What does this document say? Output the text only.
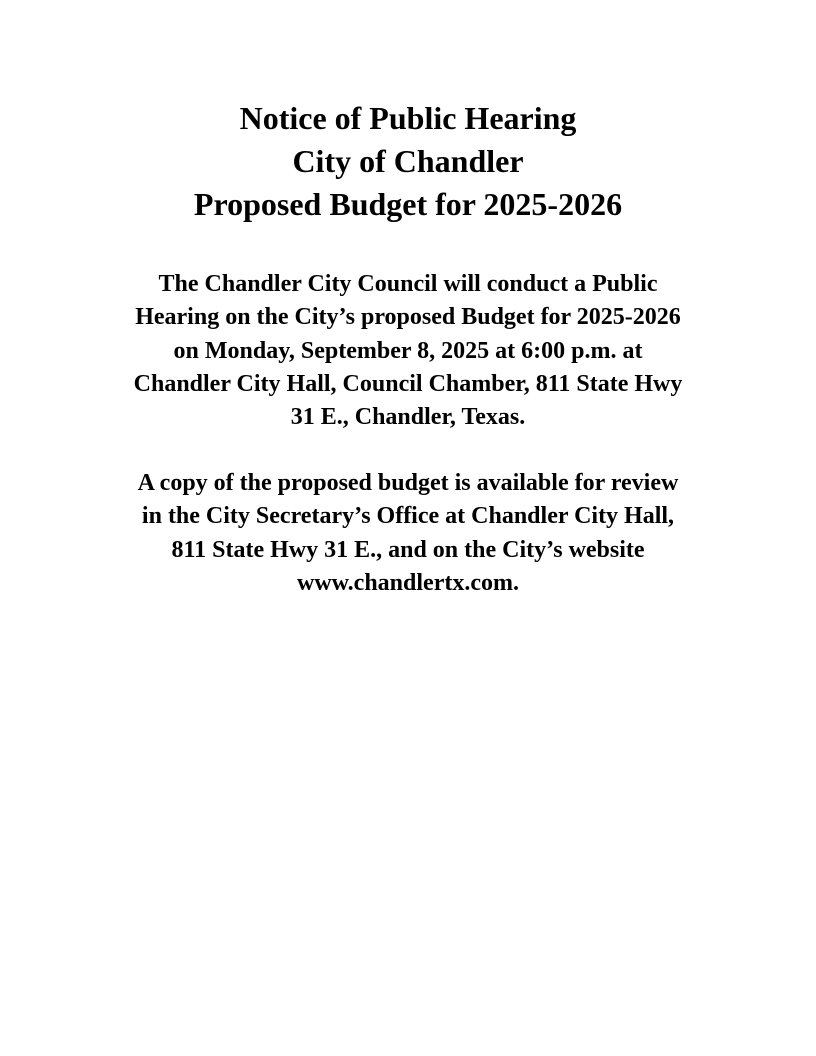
Notice of Public Hearing
City of Chandler
Proposed Budget for 2025-2026
The Chandler City Council will conduct a Public
Hearing on the City’s proposed Budget for 2025-2026
on Monday, September 8, 2025 at 6:00 p.m. at
Chandler City Hall, Council Chamber, 811 State Hwy
31 E., Chandler, Texas.
A copy of the proposed budget is available for review
in the City Secretary’s Office at Chandler City Hall,
811 State Hwy 31 E., and on the City’s website
www.chandlertx.com.
